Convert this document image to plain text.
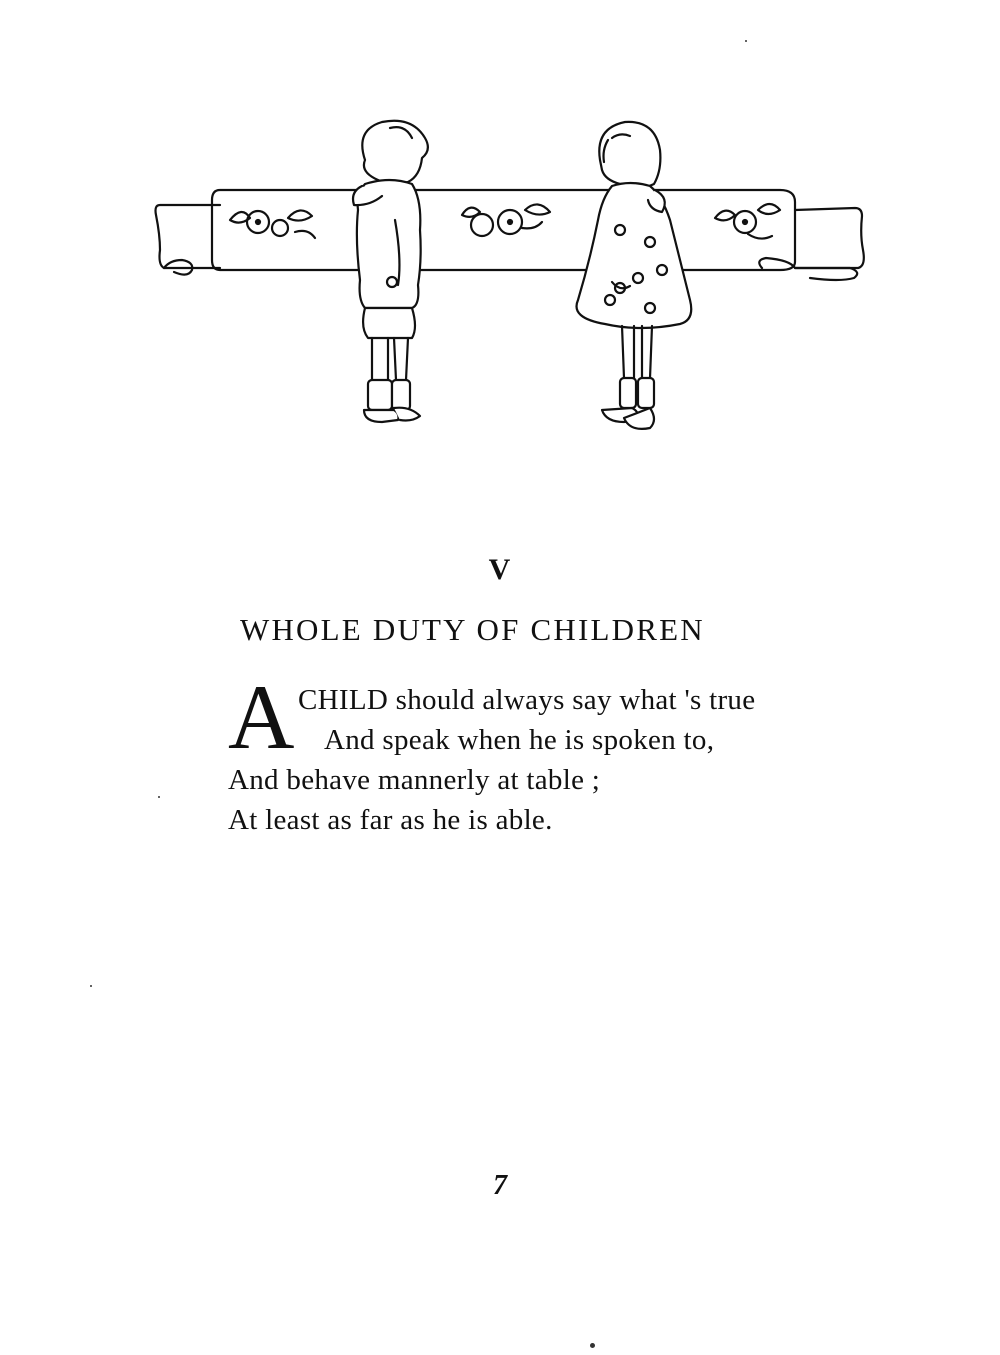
V
WHOLE DUTY OF CHILDREN
A CHILD should always say what 's true
And speak when he is spoken to,
And behave mannerly at table ;
At least as far as he is able.
7
